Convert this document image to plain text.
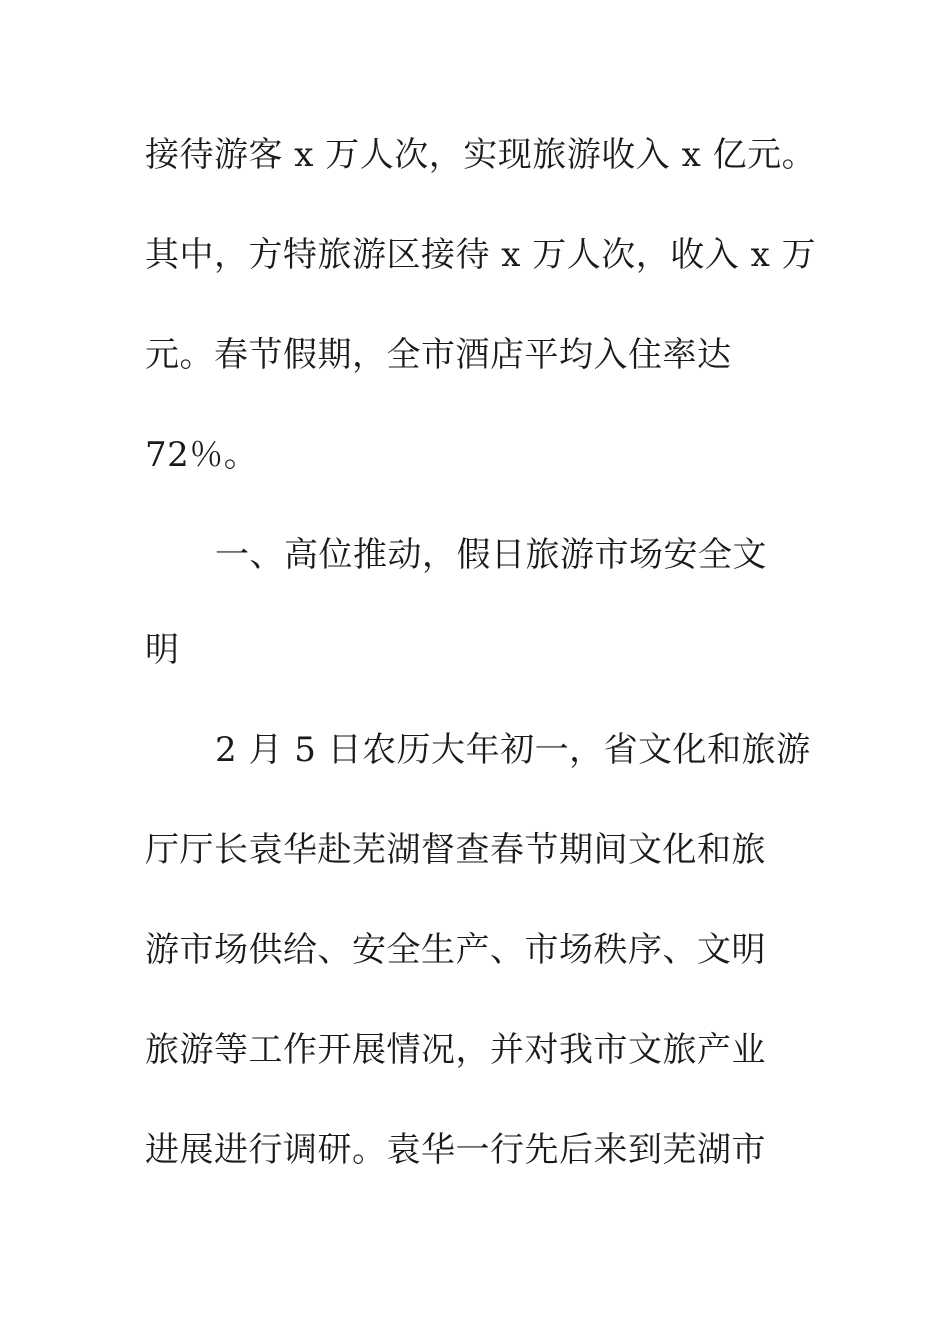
接待游客 x 万人次，实现旅游收入 x 亿元。
其中，方特旅游区接待 x 万人次，收入 x 万
元。春节假期，全市酒店平均入住率达
72％。
一、高位推动，假日旅游市场安全文
明
2 月 5 日农历大年初一，省文化和旅游
厅厅长袁华赴芜湖督查春节期间文化和旅
游市场供给、安全生产、市场秩序、文明
旅游等工作开展情况，并对我市文旅产业
进展进行调研。袁华一行先后来到芜湖市
